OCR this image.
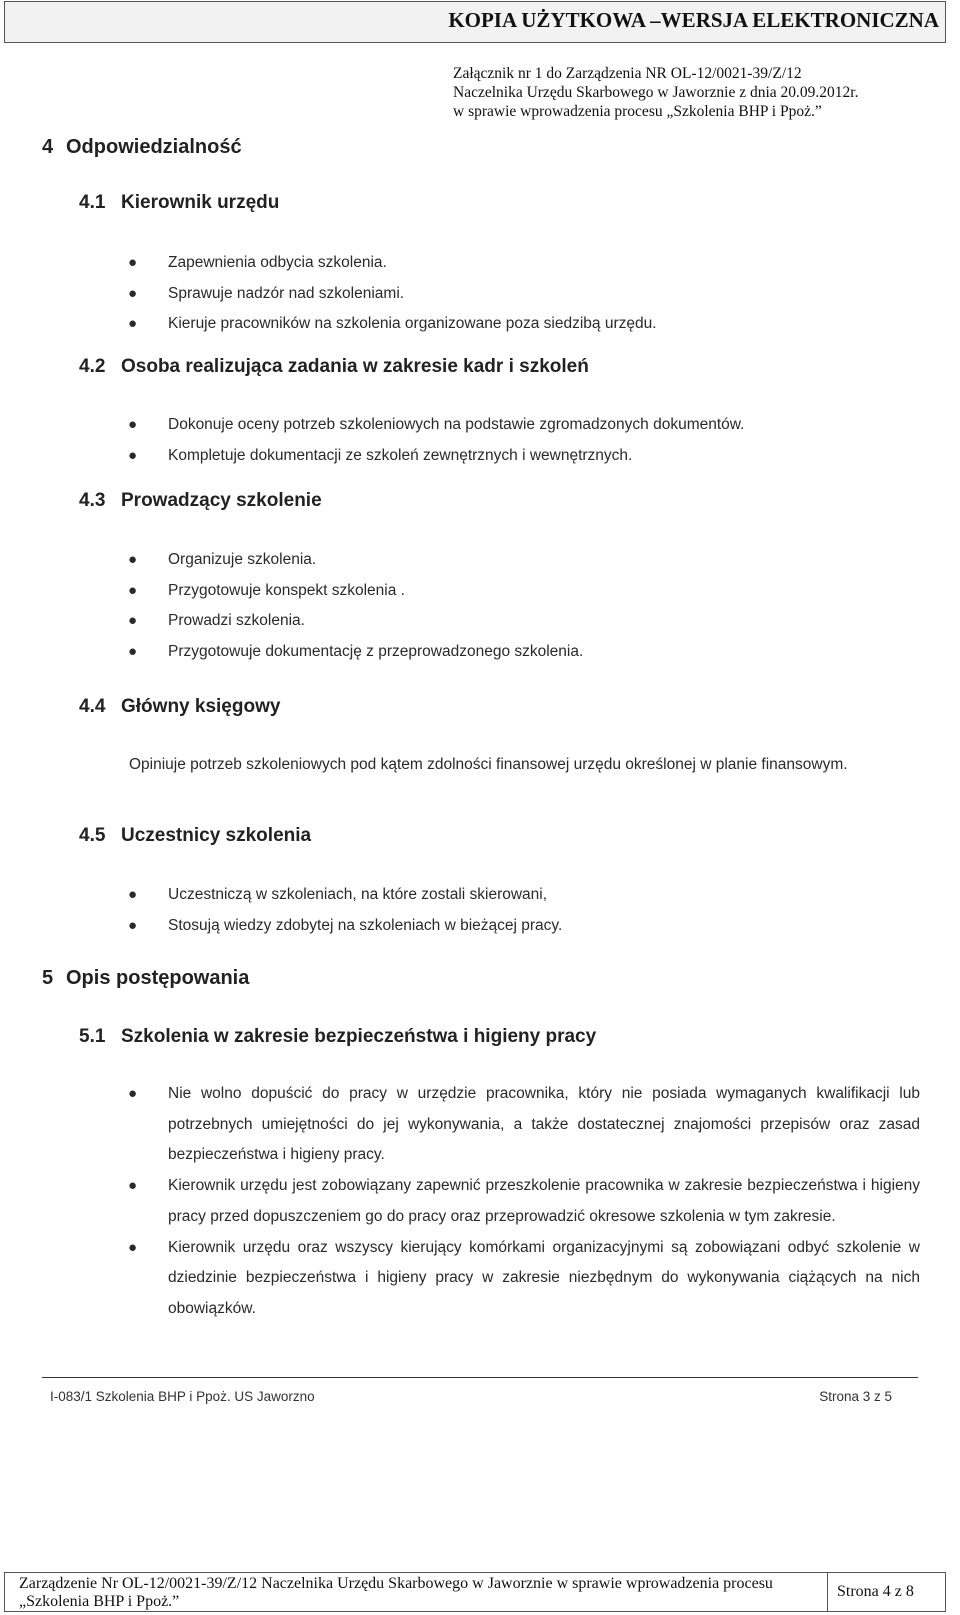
KOPIA UŻYTKOWA –WERSJA ELEKTRONICZNA
Załącznik nr 1 do Zarządzenia NR OL-12/0021-39/Z/12
Naczelnika Urzędu Skarbowego w Jaworznie z dnia 20.09.2012r.
w sprawie wprowadzenia procesu „Szkolenia BHP i Ppoż.”
4 Odpowiedzialność
4.1 Kierownik urzędu
● Zapewnienia odbycia szkolenia.
● Sprawuje nadzór nad szkoleniami.
● Kieruje pracowników na szkolenia organizowane poza siedzibą urzędu.
4.2 Osoba realizująca zadania w zakresie kadr i szkoleń
● Dokonuje oceny potrzeb szkoleniowych na podstawie zgromadzonych dokumentów.
● Kompletuje dokumentacji ze szkoleń zewnętrznych i wewnętrznych.
4.3 Prowadzący szkolenie
● Organizuje szkolenia.
● Przygotowuje konspekt szkolenia .
● Prowadzi szkolenia.
● Przygotowuje dokumentację z przeprowadzonego szkolenia.
4.4 Główny księgowy
Opiniuje potrzeb szkoleniowych pod kątem zdolności finansowej urzędu określonej w planie finansowym.
4.5 Uczestnicy szkolenia
● Uczestniczą w szkoleniach, na które zostali skierowani,
● Stosują wiedzy zdobytej na szkoleniach w bieżącej pracy.
5 Opis postępowania
5.1 Szkolenia w zakresie bezpieczeństwa i higieny pracy
● Nie wolno dopuścić do pracy w urzędzie pracownika, który nie posiada wymaganych kwalifikacji lub potrzebnych umiejętności do jej wykonywania, a także dostatecznej znajomości przepisów oraz zasad bezpieczeństwa i higieny pracy.
● Kierownik urzędu jest zobowiązany zapewnić przeszkolenie pracownika w zakresie bezpieczeństwa i higieny pracy przed dopuszczeniem go do pracy oraz przeprowadzić okresowe szkolenia w tym zakresie.
● Kierownik urzędu oraz wszyscy kierujący komórkami organizacyjnymi są zobowiązani odbyć szkolenie w dziedzinie bezpieczeństwa i higieny pracy w zakresie niezbędnym do wykonywania ciążących na nich obowiązków.
I-083/1 Szkolenia BHP i Ppoż. US Jaworzno	Strona 3 z 5
Zarządzenie Nr OL-12/0021-39/Z/12 Naczelnika Urzędu Skarbowego w Jaworznie w sprawie wprowadzenia procesu „Szkolenia BHP i Ppoż.”
Strona 4 z 8
